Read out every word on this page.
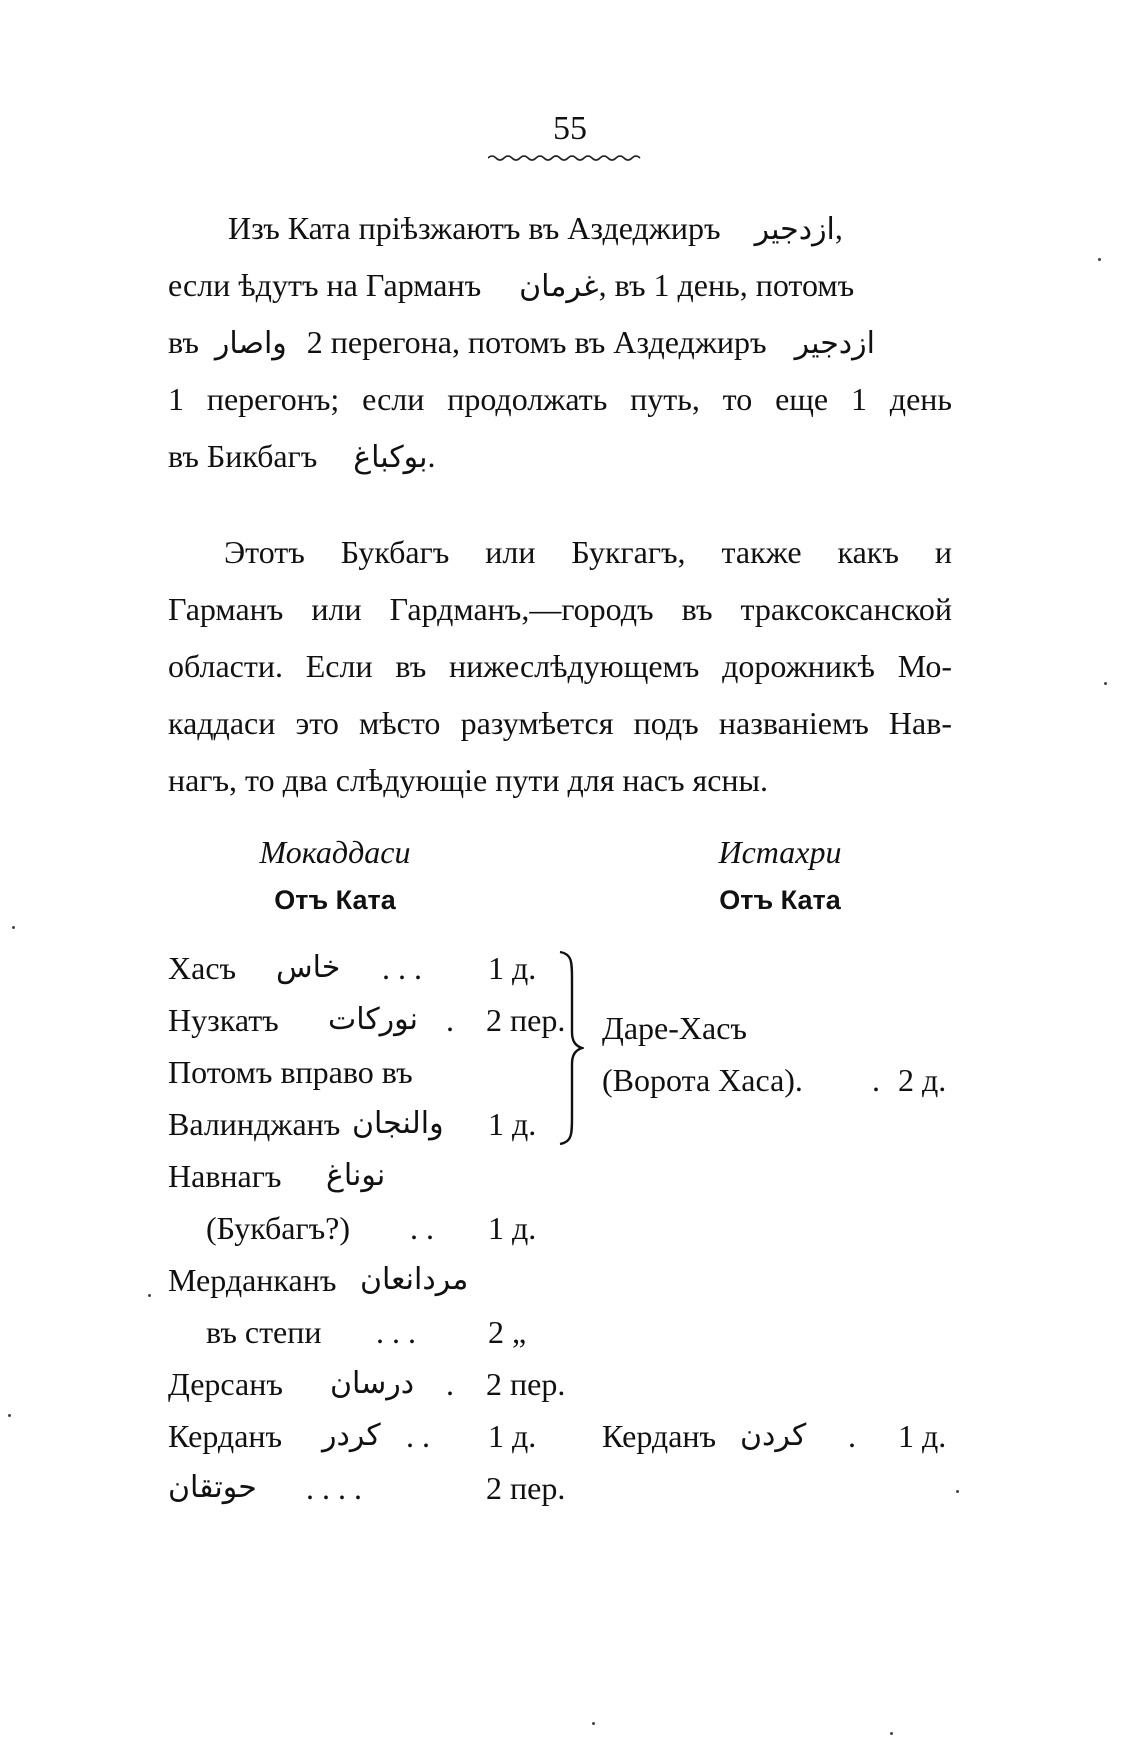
55
Изъ Ката пріѣзжаютъ въ Аздеджиръ ازدجير,
если ѣдутъ на Гарманъ غرمان, въ 1 день, потомъ
въ واصار 2 перегона, потомъ въ Аздеджиръ ازدجير
1 перегонъ; если продолжать путь, то еще 1 день
въ Бикбагъ بوكباغ.
Этотъ Букбагъ или Букгагъ, также какъ и
Гарманъ или Гардманъ,—городъ въ траксоксанской
области. Если въ нижеслѣдующемъ дорожникѣ Мо-
каддаси это мѣсто разумѣется подъ названіемъ Нав-
нагъ, то два слѣдующіе пути для насъ ясны.
Мокаддаси
Отъ Ката
Истахри
Отъ Ката
Хасъ خاس . . . 1 д.
Нузкатъ نوركات . 2 пер.
Потомъ вправо въ
Валинджанъ والنجان 1 д.
Навнагъ نوناغ
(Букбагъ?) . . 1 д.
Мерданканъ مردانعان
въ степи . . . 2 „
Дерсанъ درسان . 2 пер.
Керданъ كردر . . 1 д.
حوتقان . . . .	2 пер.
Даре-Хасъ
(Ворота Хаса). . 2 д.
Керданъ كردن . 1 д.
